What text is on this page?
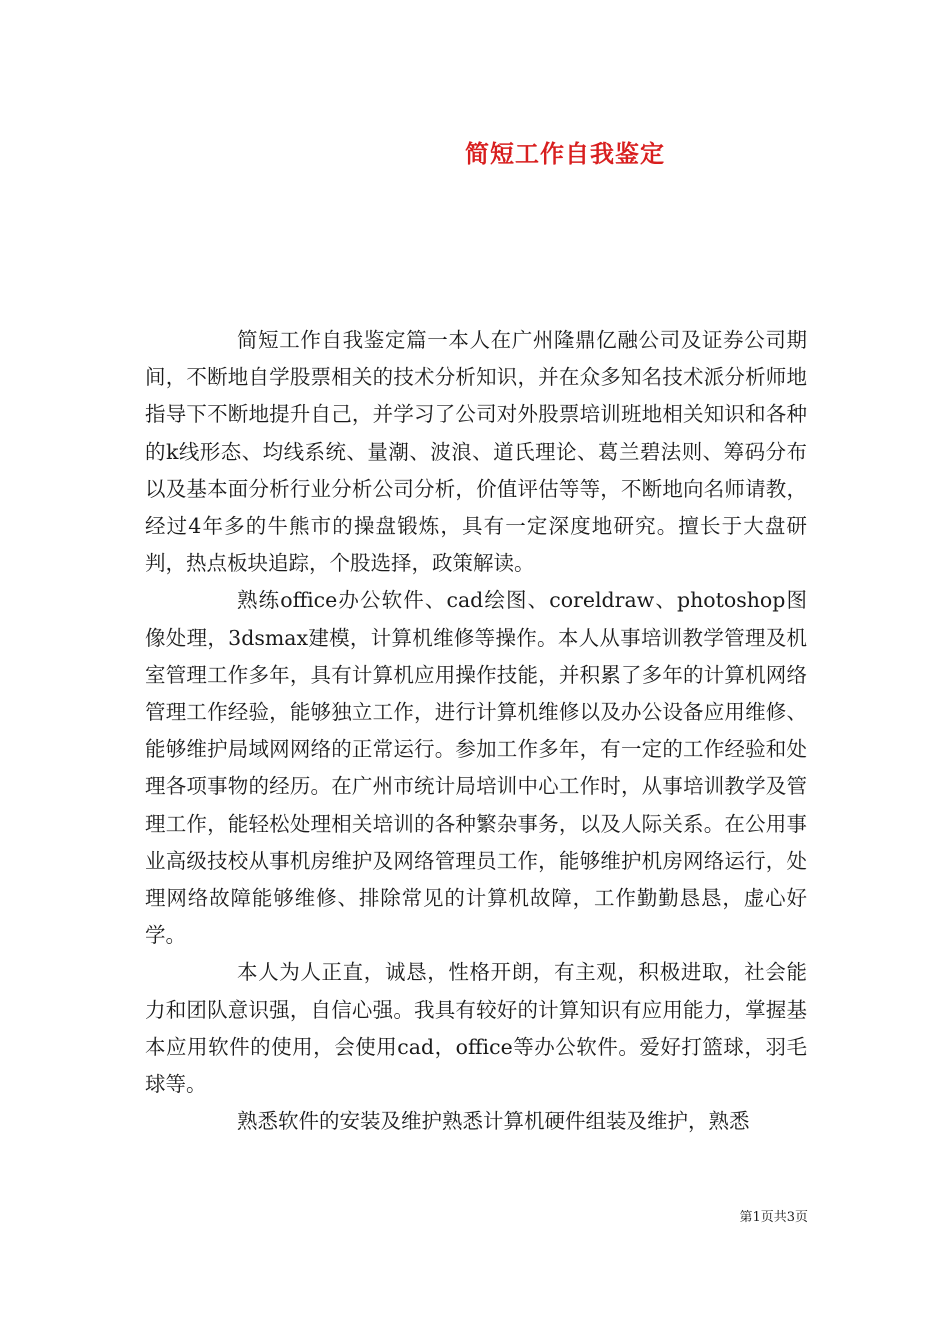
简短工作自我鉴定

简短工作自我鉴定篇一本人在广州隆鼎亿融公司及证券公司期间，不断地自学股票相关的技术分析知识，并在众多知名技术派分析师地指导下不断地提升自己，并学习了公司对外股票培训班地相关知识和各种的k线形态、均线系统、量潮、波浪、道氏理论、葛兰碧法则、筹码分布以及基本面分析行业分析公司分析，价值评估等等，不断地向名师请教，经过4年多的牛熊市的操盘锻炼，具有一定深度地研究。擅长于大盘研判，热点板块追踪，个股选择，政策解读。

熟练office办公软件、cad绘图、coreldraw、photoshop图像处理，3dsmax建模，计算机维修等操作。本人从事培训教学管理及机室管理工作多年，具有计算机应用操作技能，并积累了多年的计算机网络管理工作经验，能够独立工作，进行计算机维修以及办公设备应用维修、能够维护局域网网络的正常运行。参加工作多年，有一定的工作经验和处理各项事物的经历。在广州市统计局培训中心工作时，从事培训教学及管理工作，能轻松处理相关培训的各种繁杂事务，以及人际关系。在公用事业高级技校从事机房维护及网络管理员工作，能够维护机房网络运行，处理网络故障能够维修、排除常见的计算机故障，工作勤勤恳恳，虚心好学。

本人为人正直，诚恳，性格开朗，有主观，积极进取，社会能力和团队意识强，自信心强。我具有较好的计算知识有应用能力，掌握基本应用软件的使用，会使用cad，office等办公软件。爱好打篮球，羽毛球等。

熟悉软件的安装及维护熟悉计算机硬件组装及维护，熟悉

第1页共3页
